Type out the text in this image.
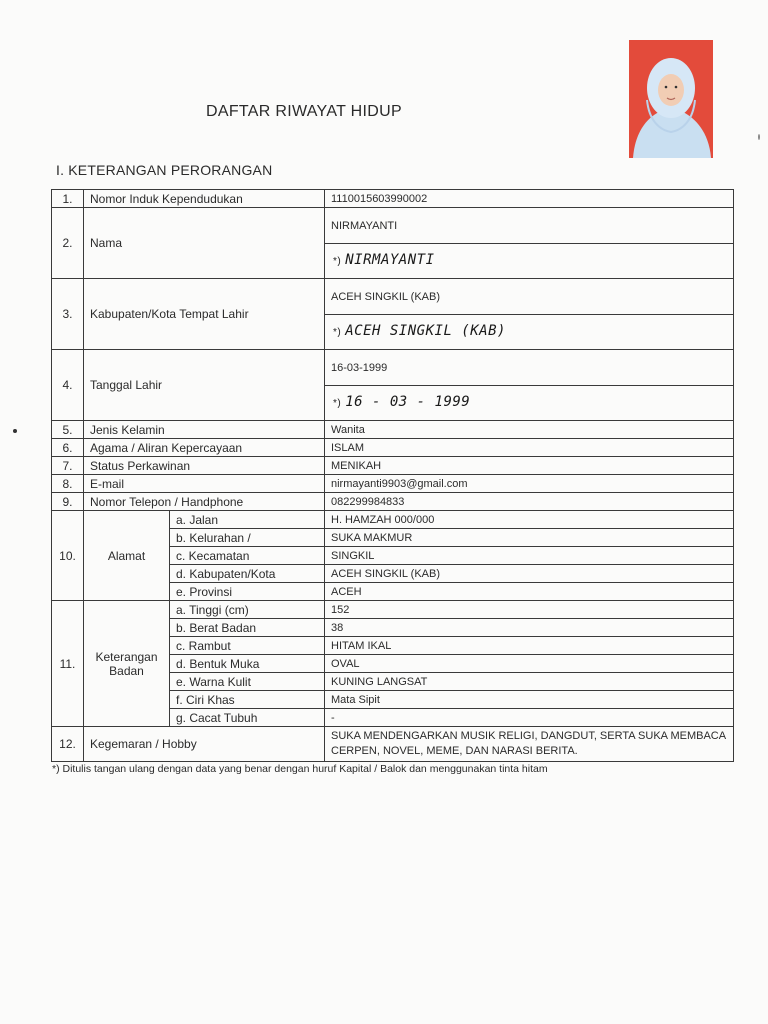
DAFTAR RIWAYAT HIDUP
I. KETERANGAN PERORANGAN
1.	Nomor Induk Kependudukan		1110015603990002
2.	Nama		NIRMAYANTI
			*) NIRMAYANTI
3.	Kabupaten/Kota Tempat Lahir		ACEH SINGKIL (KAB)
			*) ACEH SINGKIL (KAB)
4.	Tanggal Lahir		16-03-1999
			*) 16 - 03 - 1999
5.	Jenis Kelamin		Wanita
6.	Agama / Aliran Kepercayaan		ISLAM
7.	Status Perkawinan		MENIKAH
8.	E-mail		nirmayanti9903@gmail.com
9.	Nomor Telepon / Handphone		082299984833
10.	Alamat	a. Jalan	H. HAMZAH 000/000
		b. Kelurahan /	SUKA MAKMUR
		c. Kecamatan	SINGKIL
		d. Kabupaten/Kota	ACEH SINGKIL (KAB)
		e. Provinsi	ACEH
11.	Keterangan
Badan	a. Tinggi (cm)	152
		b. Berat Badan	38
		c. Rambut	HITAM IKAL
		d. Bentuk Muka	OVAL
		e. Warna Kulit	KUNING LANGSAT
		f. Ciri Khas	Mata Sipit
		g. Cacat Tubuh	-
12.	Kegemaran / Hobby		SUKA MENDENGARKAN MUSIK RELIGI, DANGDUT, SERTA SUKA MEMBACA CERPEN, NOVEL, MEME, DAN NARASI BERITA.
*) Ditulis tangan ulang dengan data yang benar dengan huruf Kapital / Balok dan menggunakan tinta hitam
